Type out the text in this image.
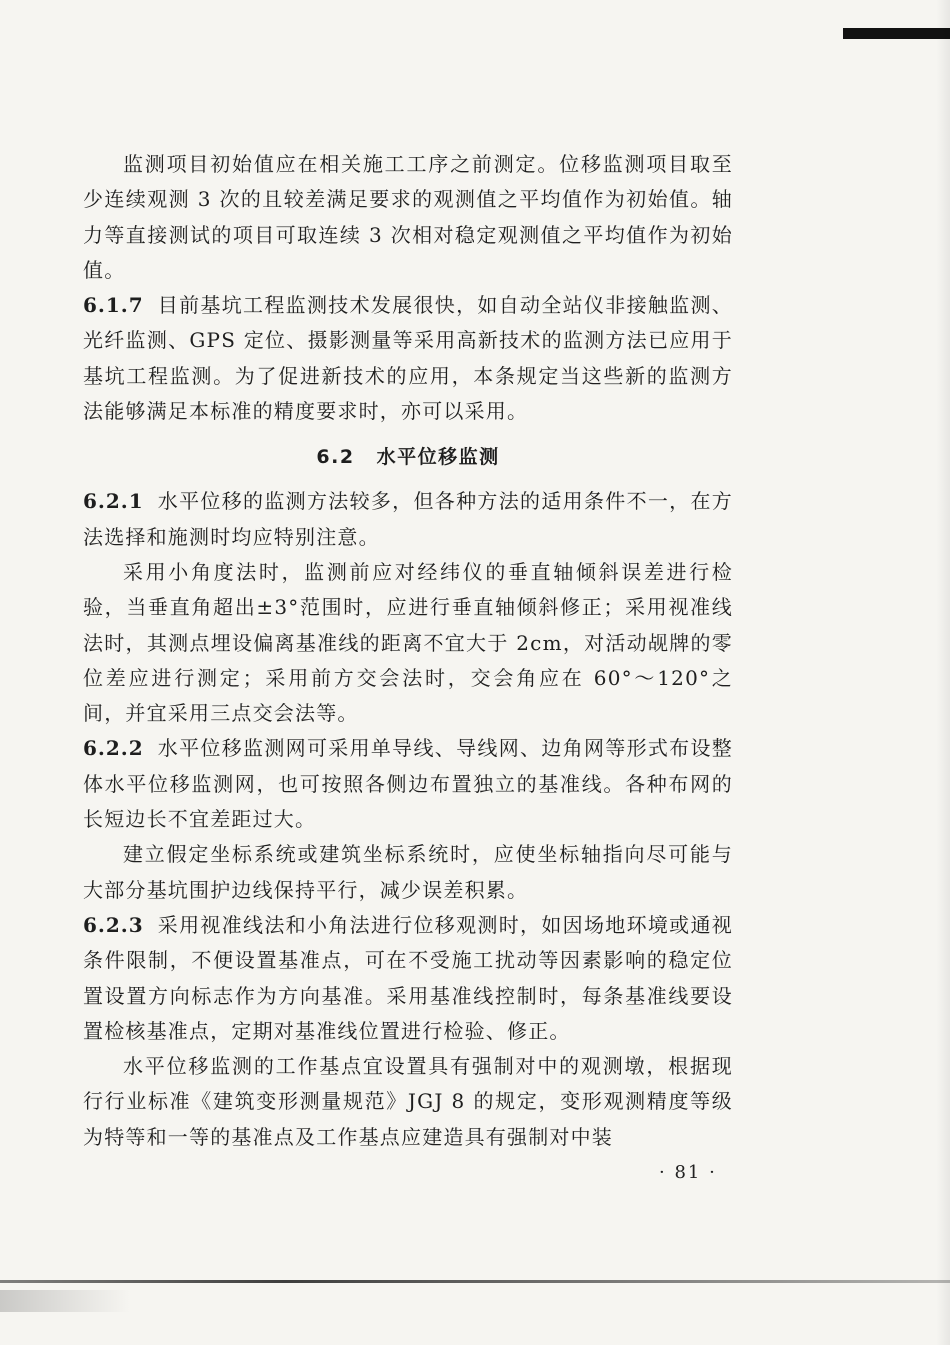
监测项目初始值应在相关施工工序之前测定。位移监测项目取至少连续观测 3 次的且较差满足要求的观测值之平均值作为初始值。轴力等直接测试的项目可取连续 3 次相对稳定观测值之平均值作为初始值。

6.1.7 目前基坑工程监测技术发展很快，如自动全站仪非接触监测、光纤监测、GPS 定位、摄影测量等采用高新技术的监测方法已应用于基坑工程监测。为了促进新技术的应用，本条规定当这些新的监测方法能够满足本标准的精度要求时，亦可以采用。

6.2 水平位移监测

6.2.1 水平位移的监测方法较多，但各种方法的适用条件不一，在方法选择和施测时均应特别注意。

采用小角度法时，监测前应对经纬仪的垂直轴倾斜误差进行检验，当垂直角超出±3°范围时，应进行垂直轴倾斜修正；采用视准线法时，其测点埋设偏离基准线的距离不宜大于 2cm，对活动觇牌的零位差应进行测定；采用前方交会法时，交会角应在 60°～120°之间，并宜采用三点交会法等。

6.2.2 水平位移监测网可采用单导线、导线网、边角网等形式布设整体水平位移监测网，也可按照各侧边布置独立的基准线。各种布网的长短边长不宜差距过大。

建立假定坐标系统或建筑坐标系统时，应使坐标轴指向尽可能与大部分基坑围护边线保持平行，减少误差积累。

6.2.3 采用视准线法和小角法进行位移观测时，如因场地环境或通视条件限制，不便设置基准点，可在不受施工扰动等因素影响的稳定位置设置方向标志作为方向基准。采用基准线控制时，每条基准线要设置检核基准点，定期对基准线位置进行检验、修正。

水平位移监测的工作基点宜设置具有强制对中的观测墩，根据现行行业标准《建筑变形测量规范》JGJ 8 的规定，变形观测精度等级为特等和一等的基准点及工作基点应建造具有强制对中装

· 81 ·
